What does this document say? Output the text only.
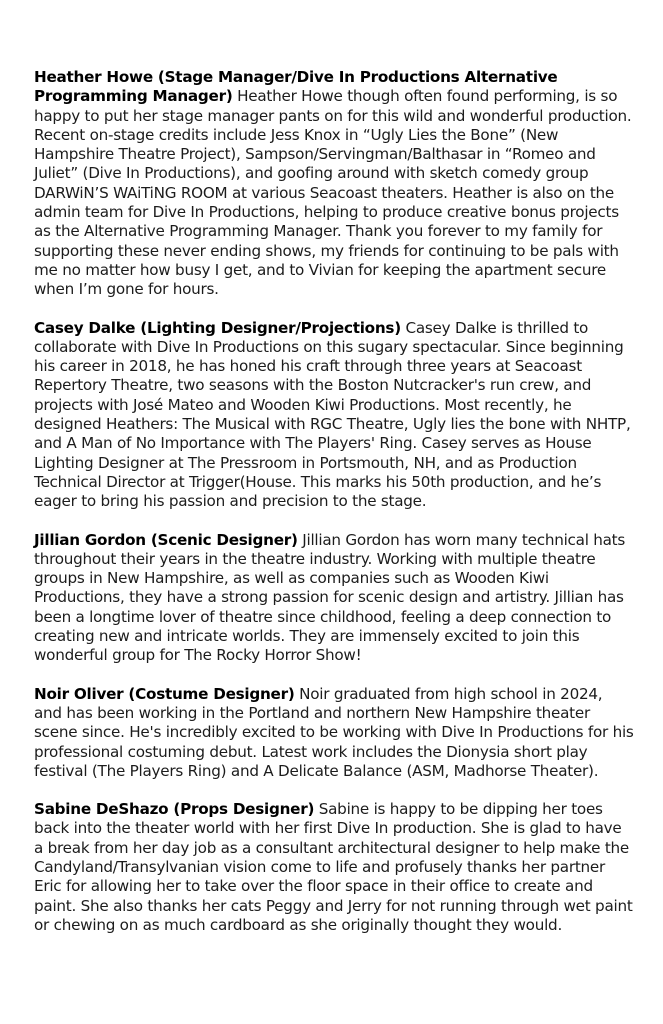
Heather Howe (Stage Manager/Dive In Productions Alternative Programming Manager) Heather Howe though often found performing, is so happy to put her stage manager pants on for this wild and wonderful production. Recent on-stage credits include Jess Knox in “Ugly Lies the Bone” (New Hampshire Theatre Project), Sampson/Servingman/Balthasar in “Romeo and Juliet” (Dive In Productions), and goofing around with sketch comedy group DARWiN’S WAiTiNG ROOM at various Seacoast theaters. Heather is also on the admin team for Dive In Productions, helping to produce creative bonus projects as the Alternative Programming Manager. Thank you forever to my family for supporting these never ending shows, my friends for continuing to be pals with me no matter how busy I get, and to Vivian for keeping the apartment secure when I’m gone for hours.

Casey Dalke (Lighting Designer/Projections) Casey Dalke is thrilled to collaborate with Dive In Productions on this sugary spectacular. Since beginning his career in 2018, he has honed his craft through three years at Seacoast Repertory Theatre, two seasons with the Boston Nutcracker's run crew, and projects with José Mateo and Wooden Kiwi Productions. Most recently, he designed Heathers: The Musical with RGC Theatre, Ugly lies the bone with NHTP, and A Man of No Importance with The Players' Ring. Casey serves as House Lighting Designer at The Pressroom in Portsmouth, NH, and as Production Technical Director at Trigger(House. This marks his 50th production, and he’s eager to bring his passion and precision to the stage.

Jillian Gordon (Scenic Designer) Jillian Gordon has worn many technical hats throughout their years in the theatre industry. Working with multiple theatre groups in New Hampshire, as well as companies such as Wooden Kiwi Productions, they have a strong passion for scenic design and artistry. Jillian has been a longtime lover of theatre since childhood, feeling a deep connection to creating new and intricate worlds. They are immensely excited to join this wonderful group for The Rocky Horror Show!

Noir Oliver (Costume Designer) Noir graduated from high school in 2024, and has been working in the Portland and northern New Hampshire theater scene since. He's incredibly excited to be working with Dive In Productions for his professional costuming debut. Latest work includes the Dionysia short play festival (The Players Ring) and A Delicate Balance (ASM, Madhorse Theater).

Sabine DeShazo (Props Designer) Sabine is happy to be dipping her toes back into the theater world with her first Dive In production. She is glad to have a break from her day job as a consultant architectural designer to help make the Candyland/Transylvanian vision come to life and profusely thanks her partner Eric for allowing her to take over the floor space in their office to create and paint. She also thanks her cats Peggy and Jerry for not running through wet paint or chewing on as much cardboard as she originally thought they would.
